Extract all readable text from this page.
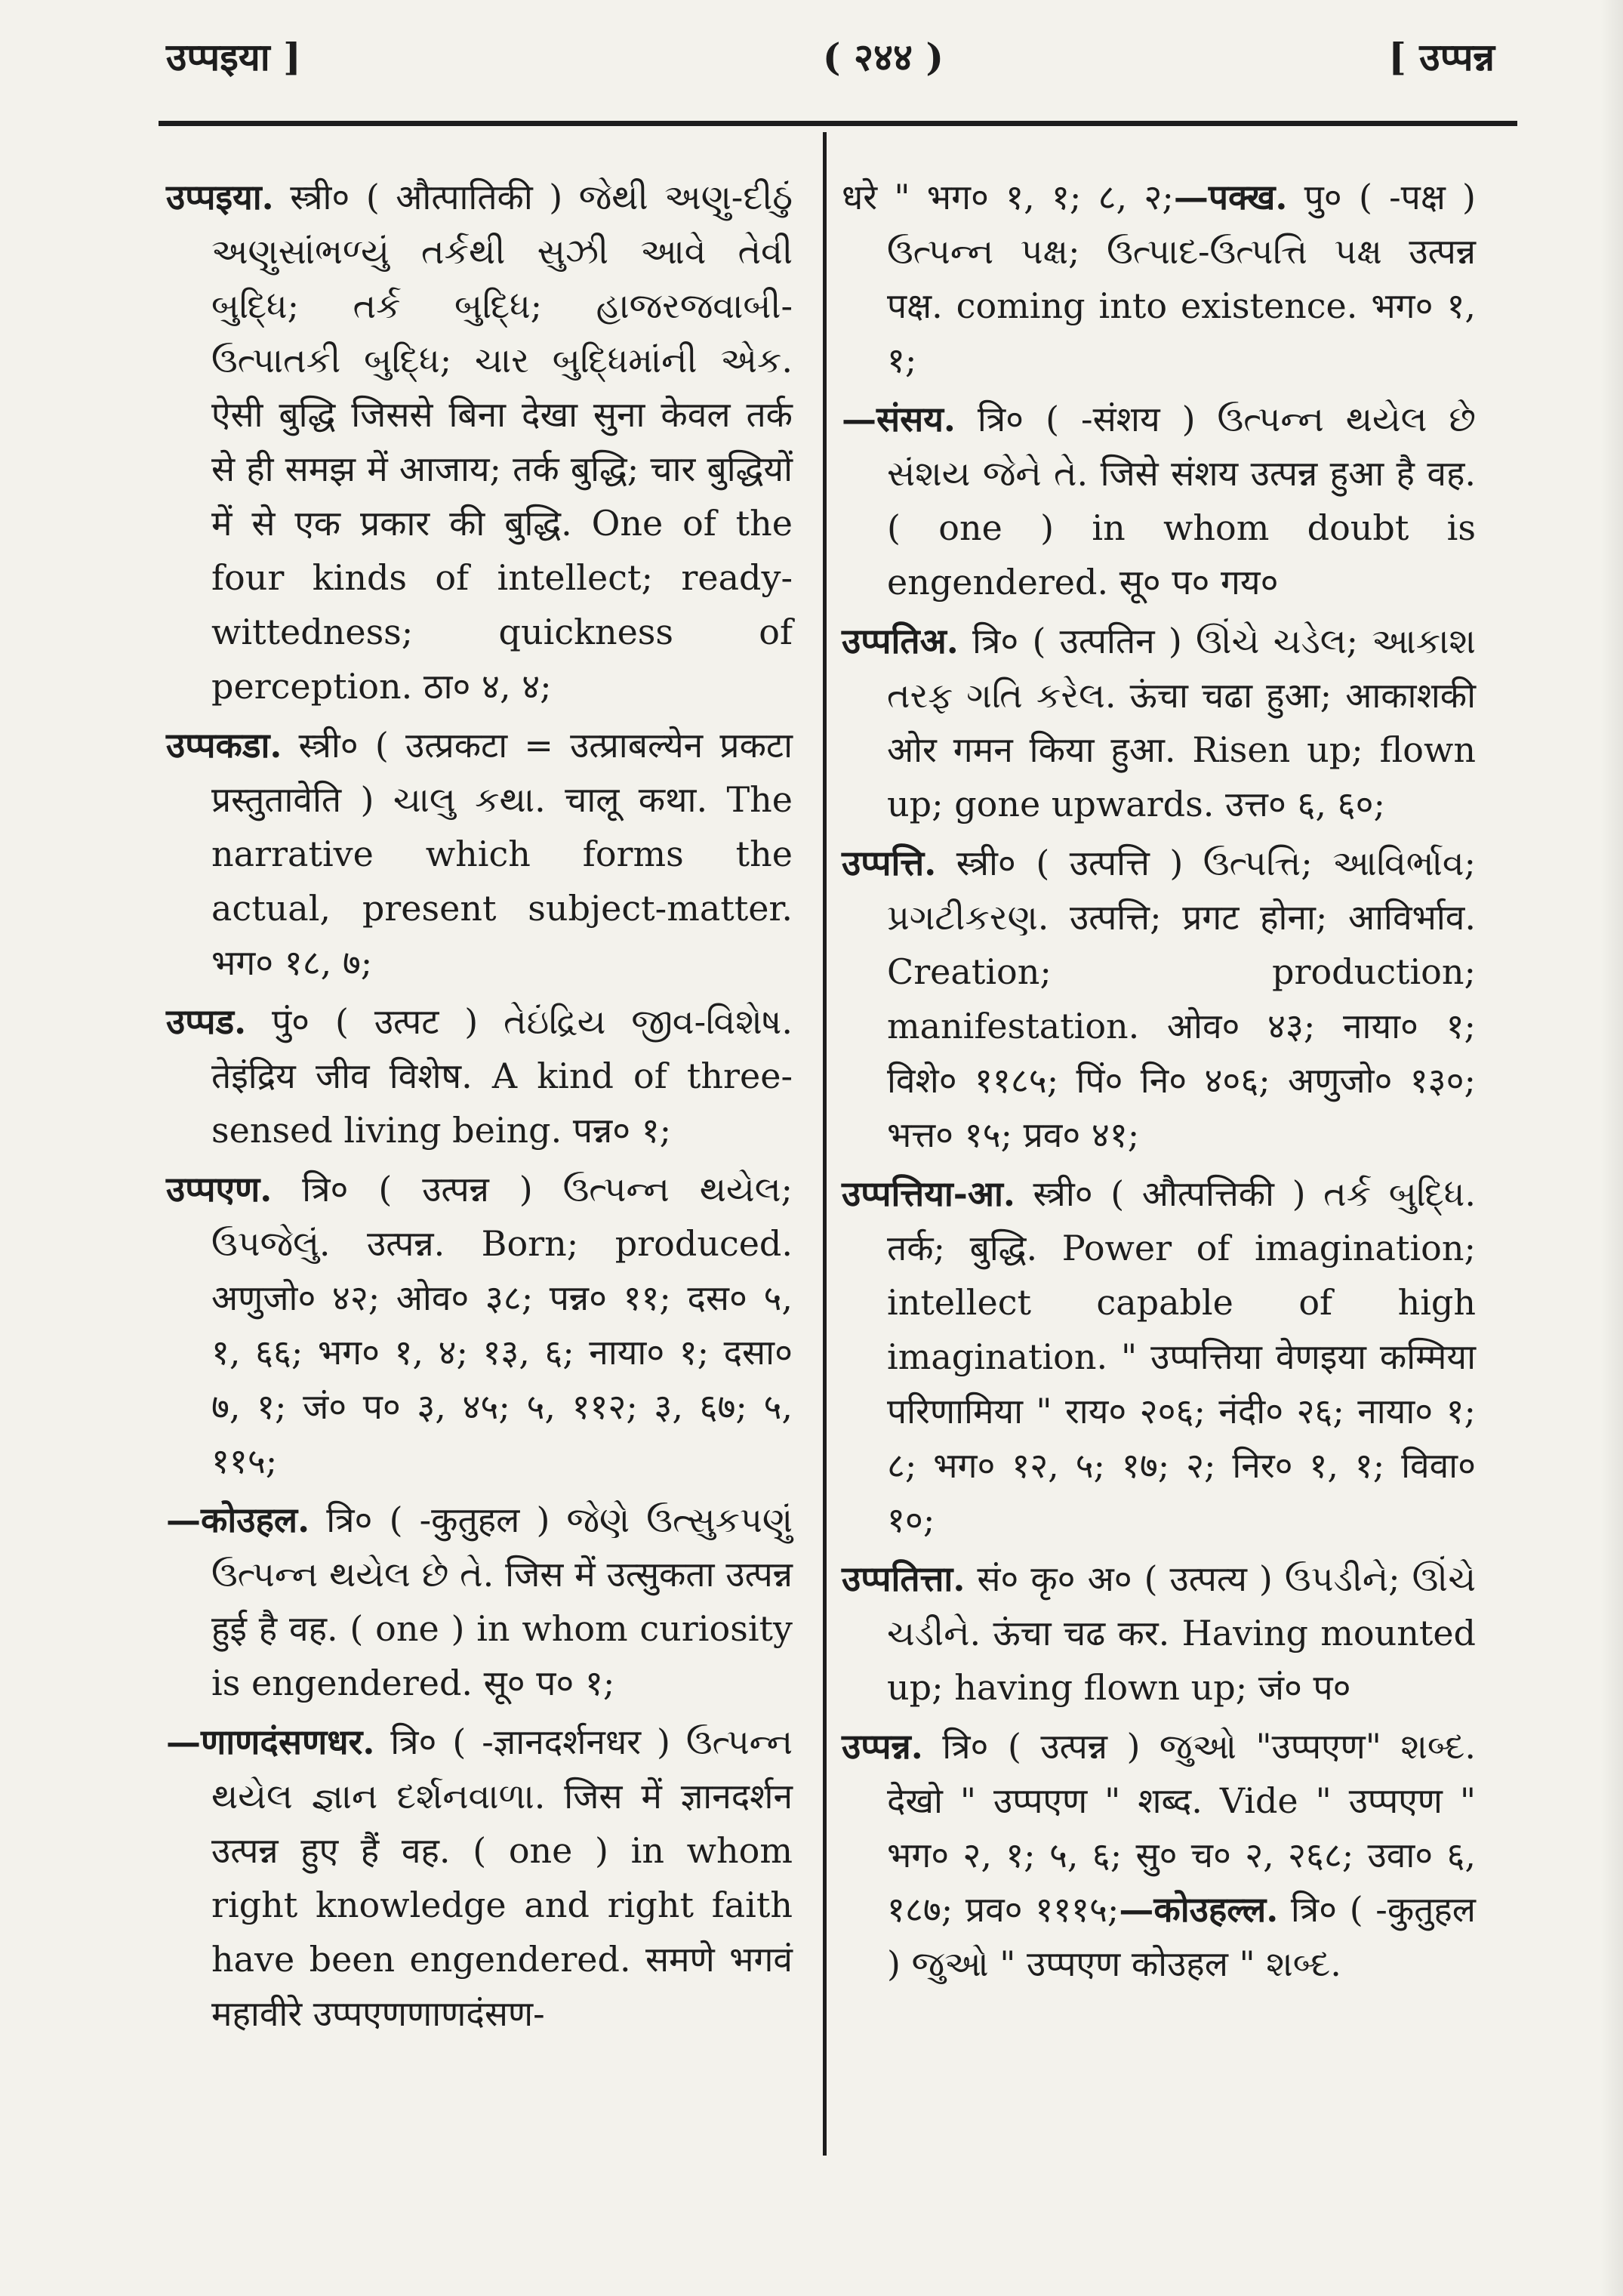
उप्पइया ]	( २४४ )	[ उप्पन्न

उप्पइया. स्त्री० ( औत्पातिकी ) જેથી અણુ-દીઠું અણુસાંભળ્યું તર્કથી સુઝી આવે તેવી બુદ્ધિ; તર્ક બુદ્ધિ; હાજરજવાબી-ઉત્પાતકી બુદ્ધિ; ચાર બુદ્ધિમાંની એક. ऐसी बुद्धि जिससे बिना देखा सुना केवल तर्क से ही समझ में आजाय; तर्क बुद्धि; चार बुद्धियों में से एक प्रकार की बुद्धि. One of the four kinds of intellect; ready-wittedness; quickness of perception. ठा० ४, ४;

उप्पकडा. स्त्री० ( उत्प्रकटा = उत्प्राबल्येन प्रकटा प्रस्तुतावेति ) ચાલુ કથા. चालू कथा. The narrative which forms the actual, present subject-matter. भग० १८, ७;

उप्पड. पुं० ( उत्पट ) તેઇંદ્રિય જીવ-વિશેષ. तेइंद्रिय जीव विशेष. A kind of three-sensed living being. पन्न० १;

उप्पएण. त्रि० ( उत्पन्न ) ઉત્પન્ન થયેલ; ઉપજેલું. उत्पन्न. Born; produced. अणुजो० ४२; ओव० ३८; पन्न० ११; दस० ५, १, ६६; भग० १, ४; १३, ६; नाया० १; दसा० ७, १; जं० प० ३, ४५; ५, ११२; ३, ६७; ५, ११५;

—कोउहल. त्रि० ( -कुतुहल ) જેણે ઉત્સુકપણું ઉત્પન્ન થયેલ છે તે. जिस में उत्सुकता उत्पन्न हुई है वह. ( one ) in whom curiosity is engendered. सू० प० १;

—णाणदंसणधर. त्रि० ( -ज्ञानदर्शनधर ) ઉત્પન્ન થયેલ જ્ઞાન દર્શનવાળા. जिस में ज्ञानदर्शन उत्पन्न हुए हैं वह. ( one ) in whom right knowledge and right faith have been engendered. समणे भगवं महावीरे उप्पएणणाणदंसण-

धरे " भग० १, १; ८, २;—पक्ख. पु० ( -पक्ष ) ઉત્પન્ન પક્ષ; ઉત્પાદ-ઉત્પત્તિ પક્ષ उत्पन्न पक्ष. coming into existence. भग० १, १;

—संसय. त्रि० ( -संशय ) ઉત્પન્ન થયેલ છે સંશય જેને તે. जिसे संशय उत्पन्न हुआ है वह. ( one ) in whom doubt is engendered. सू० प० गय०

उप्पतिअ. त्रि० ( उत्पतिन ) ઊંચે ચડેલ; આકાશ તરફ ગતિ કરેલ. ऊंचा चढा हुआ; आकाशकी ओर गमन किया हुआ. Risen up; flown up; gone upwards. उत्त० ६, ६०;

उप्पत्ति. स्त्री० ( उत्पत्ति ) ઉત્પત્તિ; આવિર્ભાવ; પ્રગટીકરણ. उत्पत्ति; प्रगट होना; आविर्भाव. Creation; production; manifestation. ओव० ४३; नाया० १; विशे० ११८५; पिं० नि० ४०६; अणुजो० १३०; भत्त० १५; प्रव० ४१;

उप्पत्तिया-आ. स्त्री० ( औत्पत्तिकी ) તર્ક બુદ્ધિ. तर्क; बुद्धि. Power of imagination; intellect capable of high imagination. " उप्पत्तिया वेणइया कम्मिया परिणामिया " राय० २०६; नंदी० २६; नाया० १; ८; भग० १२, ५; १७; २; निर० १, १; विवा० १०;

उप्पतित्ता. सं० कृ० अ० ( उत्पत्य ) ઉપડીને; ઊંચે ચડીને. ऊंचा चढ कर. Having mounted up; having flown up; जं० प०

उप्पन्न. त्रि० ( उत्पन्न ) જુઓ "उप्पएण" શબ્દ. देखो " उप्पएण " शब्द. Vide " उप्पएण " भग० २, १; ५, ६; सु० च० २, २६८; उवा० ६, १८७; प्रव० १११५;—कोउहल्ल. त्रि० ( -कुतुहल ) જુઓ " उप्पएण कोउहल " શબ્દ.
